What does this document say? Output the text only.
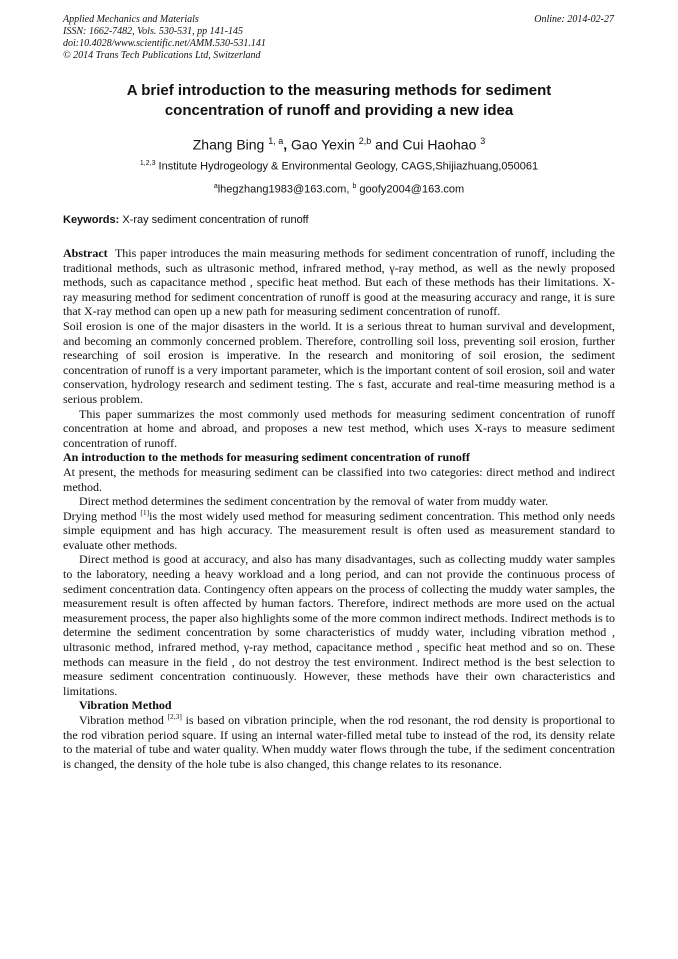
Applied Mechanics and Materials
ISSN: 1662-7482, Vols. 530-531, pp 141-145
doi:10.4028/www.scientific.net/AMM.530-531.141
© 2014 Trans Tech Publications Ltd, Switzerland
Online: 2014-02-27
A brief introduction to the measuring methods for sediment
concentration of runoff and providing a new idea
Zhang Bing $^{1, a}$, Gao Yexin $^{2,b}$ and Cui Haohao $^3$
$^{1,2,3}$ Institute Hydrogeology & Environmental Geology, CAGS,Shijiazhuang,050061
$^a$lhegzhang1983@163.com, $^b$ goofy2004@163.com
Keywords: X-ray sediment concentration of runoff

Abstract This paper introduces the main measuring methods for sediment concentration of runoff, including the traditional methods, such as ultrasonic method, infrared method, γ-ray method, as well as the newly proposed methods, such as capacitance method , specific heat method. But each of these methods has their limitations. X-ray measuring method for sediment concentration of runoff is good at the measuring accuracy and range, it is sure that X-ray method can open up a new path for measuring sediment concentration of runoff.

Soil erosion is one of the major disasters in the world. It is a serious threat to human survival and development, and becoming an commonly concerned problem. Therefore, controlling soil loss, preventing soil erosion, further researching of soil erosion is imperative. In the research and monitoring of soil erosion, the sediment concentration of runoff is a very important parameter, which is the important content of soil erosion, soil and water conservation, hydrology research and sediment testing. The s fast, accurate and real-time measuring method is a serious problem.

This paper summarizes the most commonly used methods for measuring sediment concentration of runoff concentration at home and abroad, and proposes a new test method, which uses X-rays to measure sediment concentration of runoff.

An introduction to the methods for measuring sediment concentration of runoff

At present, the methods for measuring sediment can be classified into two categories: direct method and indirect method.

Direct method determines the sediment concentration by the removal of water from muddy water.

Drying method [1]is the most widely used method for measuring sediment concentration. This method only needs simple equipment and has high accuracy. The measurement result is often used as measurement standard to evaluate other methods.

Direct method is good at accuracy, and also has many disadvantages, such as collecting muddy water samples to the laboratory, needing a heavy workload and a long period, and can not provide the continuous process of sediment concentration data. Contingency often appears on the process of collecting the muddy water samples, the measurement result is often affected by human factors. Therefore, indirect methods are more used on the actual measurement process, the paper also highlights some of the more common indirect methods. Indirect methods is to determine the sediment concentration by some characteristics of muddy water, including vibration method , ultrasonic method, infrared method, γ-ray method, capacitance method , specific heat method and so on. These methods can measure in the field , do not destroy the test environment. Indirect method is the best selection to measure sediment concentration continuously. However, these methods have their own characteristics and limitations.

Vibration Method

Vibration method [2,3] is based on vibration principle, when the rod resonant, the rod density is proportional to the rod vibration period square. If using an internal water-filled metal tube to instead of the rod, its density relate to the material of tube and water quality. When muddy water flows through the tube, if the sediment concentration is changed, the density of the hole tube is also changed, this change relates to its resonance.
